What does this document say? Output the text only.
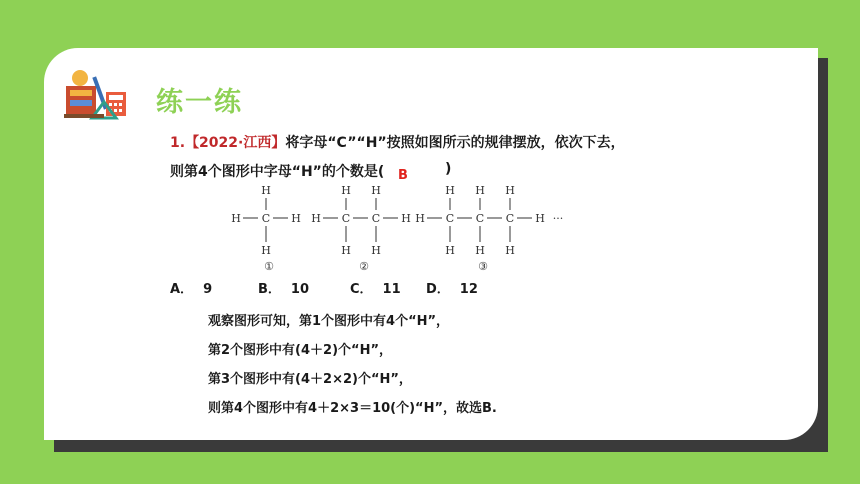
练一练
1.【2022·江西】将字母“C”“H”按照如图所示的规律摆放，依次下去，
则第4个图形中字母“H”的个数是( B	)
H C
H
H
H
①
H C
H
H
C
H
H
H
②
H C
H
H
C
H
H
C
H
H
H
③
···
A． 9	B． 10	C． 11 D． 12
观察图形可知，第1个图形中有4个“H”，
第2个图形中有(4＋2)个“H”，
第3个图形中有(4＋2×2)个“H”，
则第4个图形中有4＋2×3＝10(个)“H”，故选B.
